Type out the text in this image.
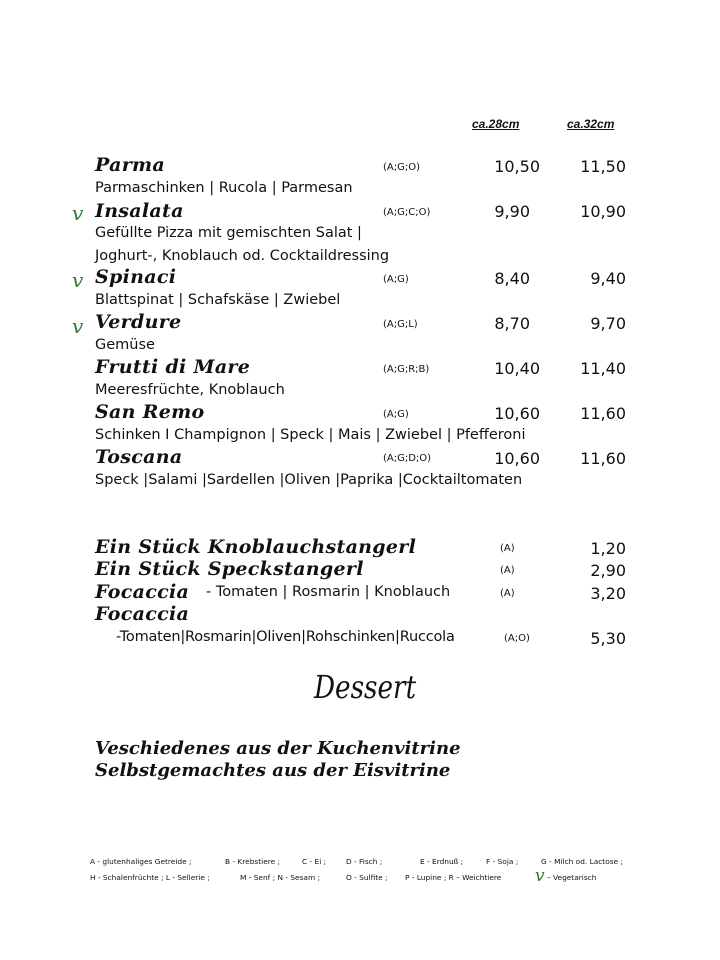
ca.28cm	ca.32cm
Parma	(A;G;O)	10,50	11,50
Parmaschinken | Rucola | Parmesan
v Insalata	(A;G;C;O)	9,90	10,90
Gefüllte Pizza mit gemischten Salat |
Joghurt-, Knoblauch od. Cocktaildressing
v Spinaci	(A;G)	8,40	9,40
Blattspinat | Schafskäse | Zwiebel
v Verdure	(A;G;L)	8,70	9,70
Gemüse
Frutti di Mare	(A;G;R;B)	10,40	11,40
Meeresfrüchte, Knoblauch
San Remo	(A;G)	10,60	11,60
Schinken I Champignon | Speck | Mais | Zwiebel | Pfefferoni
Toscana	(A;G;D;O)	10,60	11,60
Speck |Salami |Sardellen |Oliven |Paprika |Cocktailtomaten
Ein Stück Knoblauchstangerl	(A)	1,20
Ein Stück Speckstangerl	(A)	2,90
Focaccia - Tomaten | Rosmarin | Knoblauch	(A)	3,20
Focaccia
-Tomaten|Rosmarin|Oliven|Rohschinken|Ruccola	(A;O)	5,30
Dessert
Veschiedenes aus der Kuchenvitrine
Selbstgemachtes aus der Eisvitrine
A - glutenhaliges Getreide ;	B - Krebstiere ;	C - Ei ;	D - Fisch ;	E - Erdnuß ;	F - Soja ;	G - Milch od. Lactose ;
H - Schalenfrüchte ; L - Sellerie ;	M - Senf ; N - Sesam ;	O - Sulfite ; P - Lupine ; R – Weichtiere v – Vegetarisch
